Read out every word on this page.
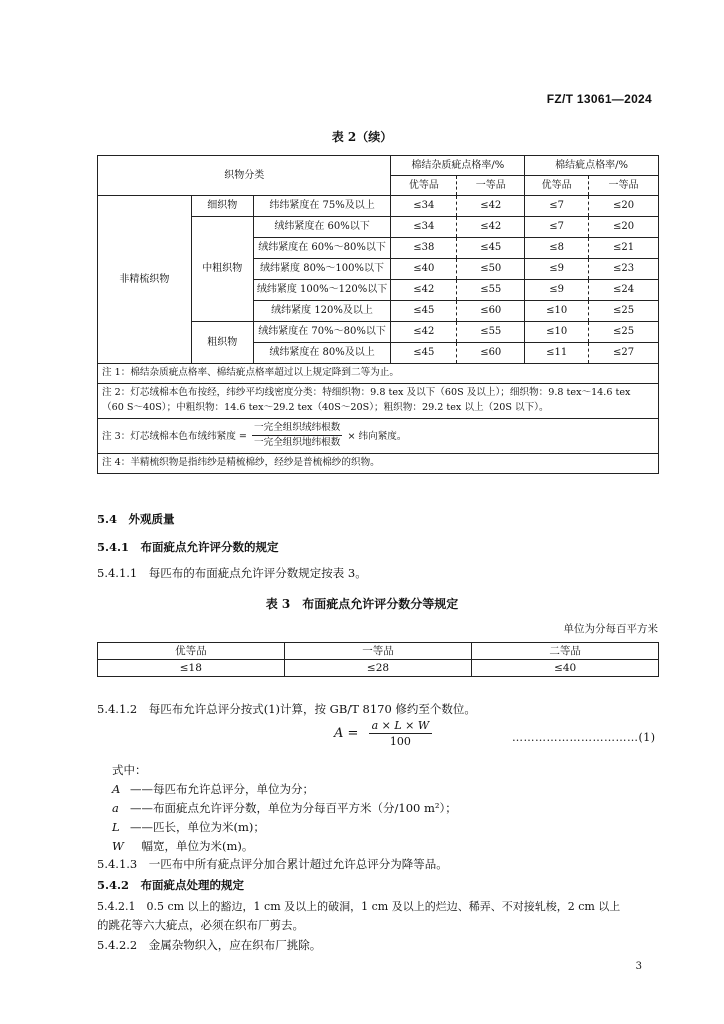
FZ/T 13061—2024
表 2（续）
织物分类			棉结杂质疵点格率/%		棉结疵点格率/%	
			优等品	一等品	优等品	一等品
非精梳织物	细织物	纬纬紧度在 75%及以上	≤34	≤42	≤7	≤20
	中粗织物	绒纬紧度在 60%以下	≤34	≤42	≤7	≤20
		绒纬紧度在 60%～80%以下	≤38	≤45	≤8	≤21
		绒纬紧度 80%～100%以下	≤40	≤50	≤9	≤23
		绒纬紧度 100%～120%以下	≤42	≤55	≤9	≤24
		绒纬紧度 120%及以上	≤45	≤60	≤10	≤25
	粗织物	绒纬紧度在 70%～80%以下	≤42	≤55	≤10	≤25
		绒纬紧度在 80%及以上	≤45	≤60	≤11	≤27
注 1：棉结杂质疵点格率、棉结疵点格率超过以上规定降到二等为止。						
注 2：灯芯绒棉本色布按经，纬纱平均线密度分类：特细织物：9.8 tex 及以下（60S 及以上）；细织物：9.8 tex～14.6 tex（60 S～40S）；中粗织物：14.6 tex～29.2 tex（40S～20S）；粗织物：29.2 tex 以上（20S 以下）。						
注 3：灯芯绒棉本色布绒纬紧度 = $\frac{\text{一完全组织绒纬根数}}{\text{一完全组织地纬根数}}$ × 纬向紧度。						
注 4：半精梳织物是指纬纱是精梳棉纱，经纱是普梳棉纱的织物。						
5.4　外观质量
5.4.1　布面疵点允许评分数的规定
5.4.1.1　每匹布的布面疵点允许评分数规定按表 3。
表 3　布面疵点允许评分数分等规定
单位为分每百平方米
优等品	一等品	二等品
≤18	≤28	≤40
5.4.1.2　每匹布允许总评分按式(1)计算，按 GB/T 8170 修约至个数位。
$A = \frac{a \times L \times W}{100}$	……………………………(1)
式中：
A ——每匹布允许总评分，单位为分；
a ——布面疵点允许评分数，单位为分每百平方米（分/100 m²）；
L ——匹长，单位为米(m)；
W　幅宽，单位为米(m)。
5.4.1.3　一匹布中所有疵点评分加合累计超过允许总评分为降等品。
5.4.2　布面疵点处理的规定
5.4.2.1　0.5 cm 以上的豁边，1 cm 及以上的破洞，1 cm 及以上的烂边、稀弄、不对接轧梭，2 cm 以上
的跳花等六大疵点，必须在织布厂剪去。
5.4.2.2　金属杂物织入，应在织布厂挑除。
3
